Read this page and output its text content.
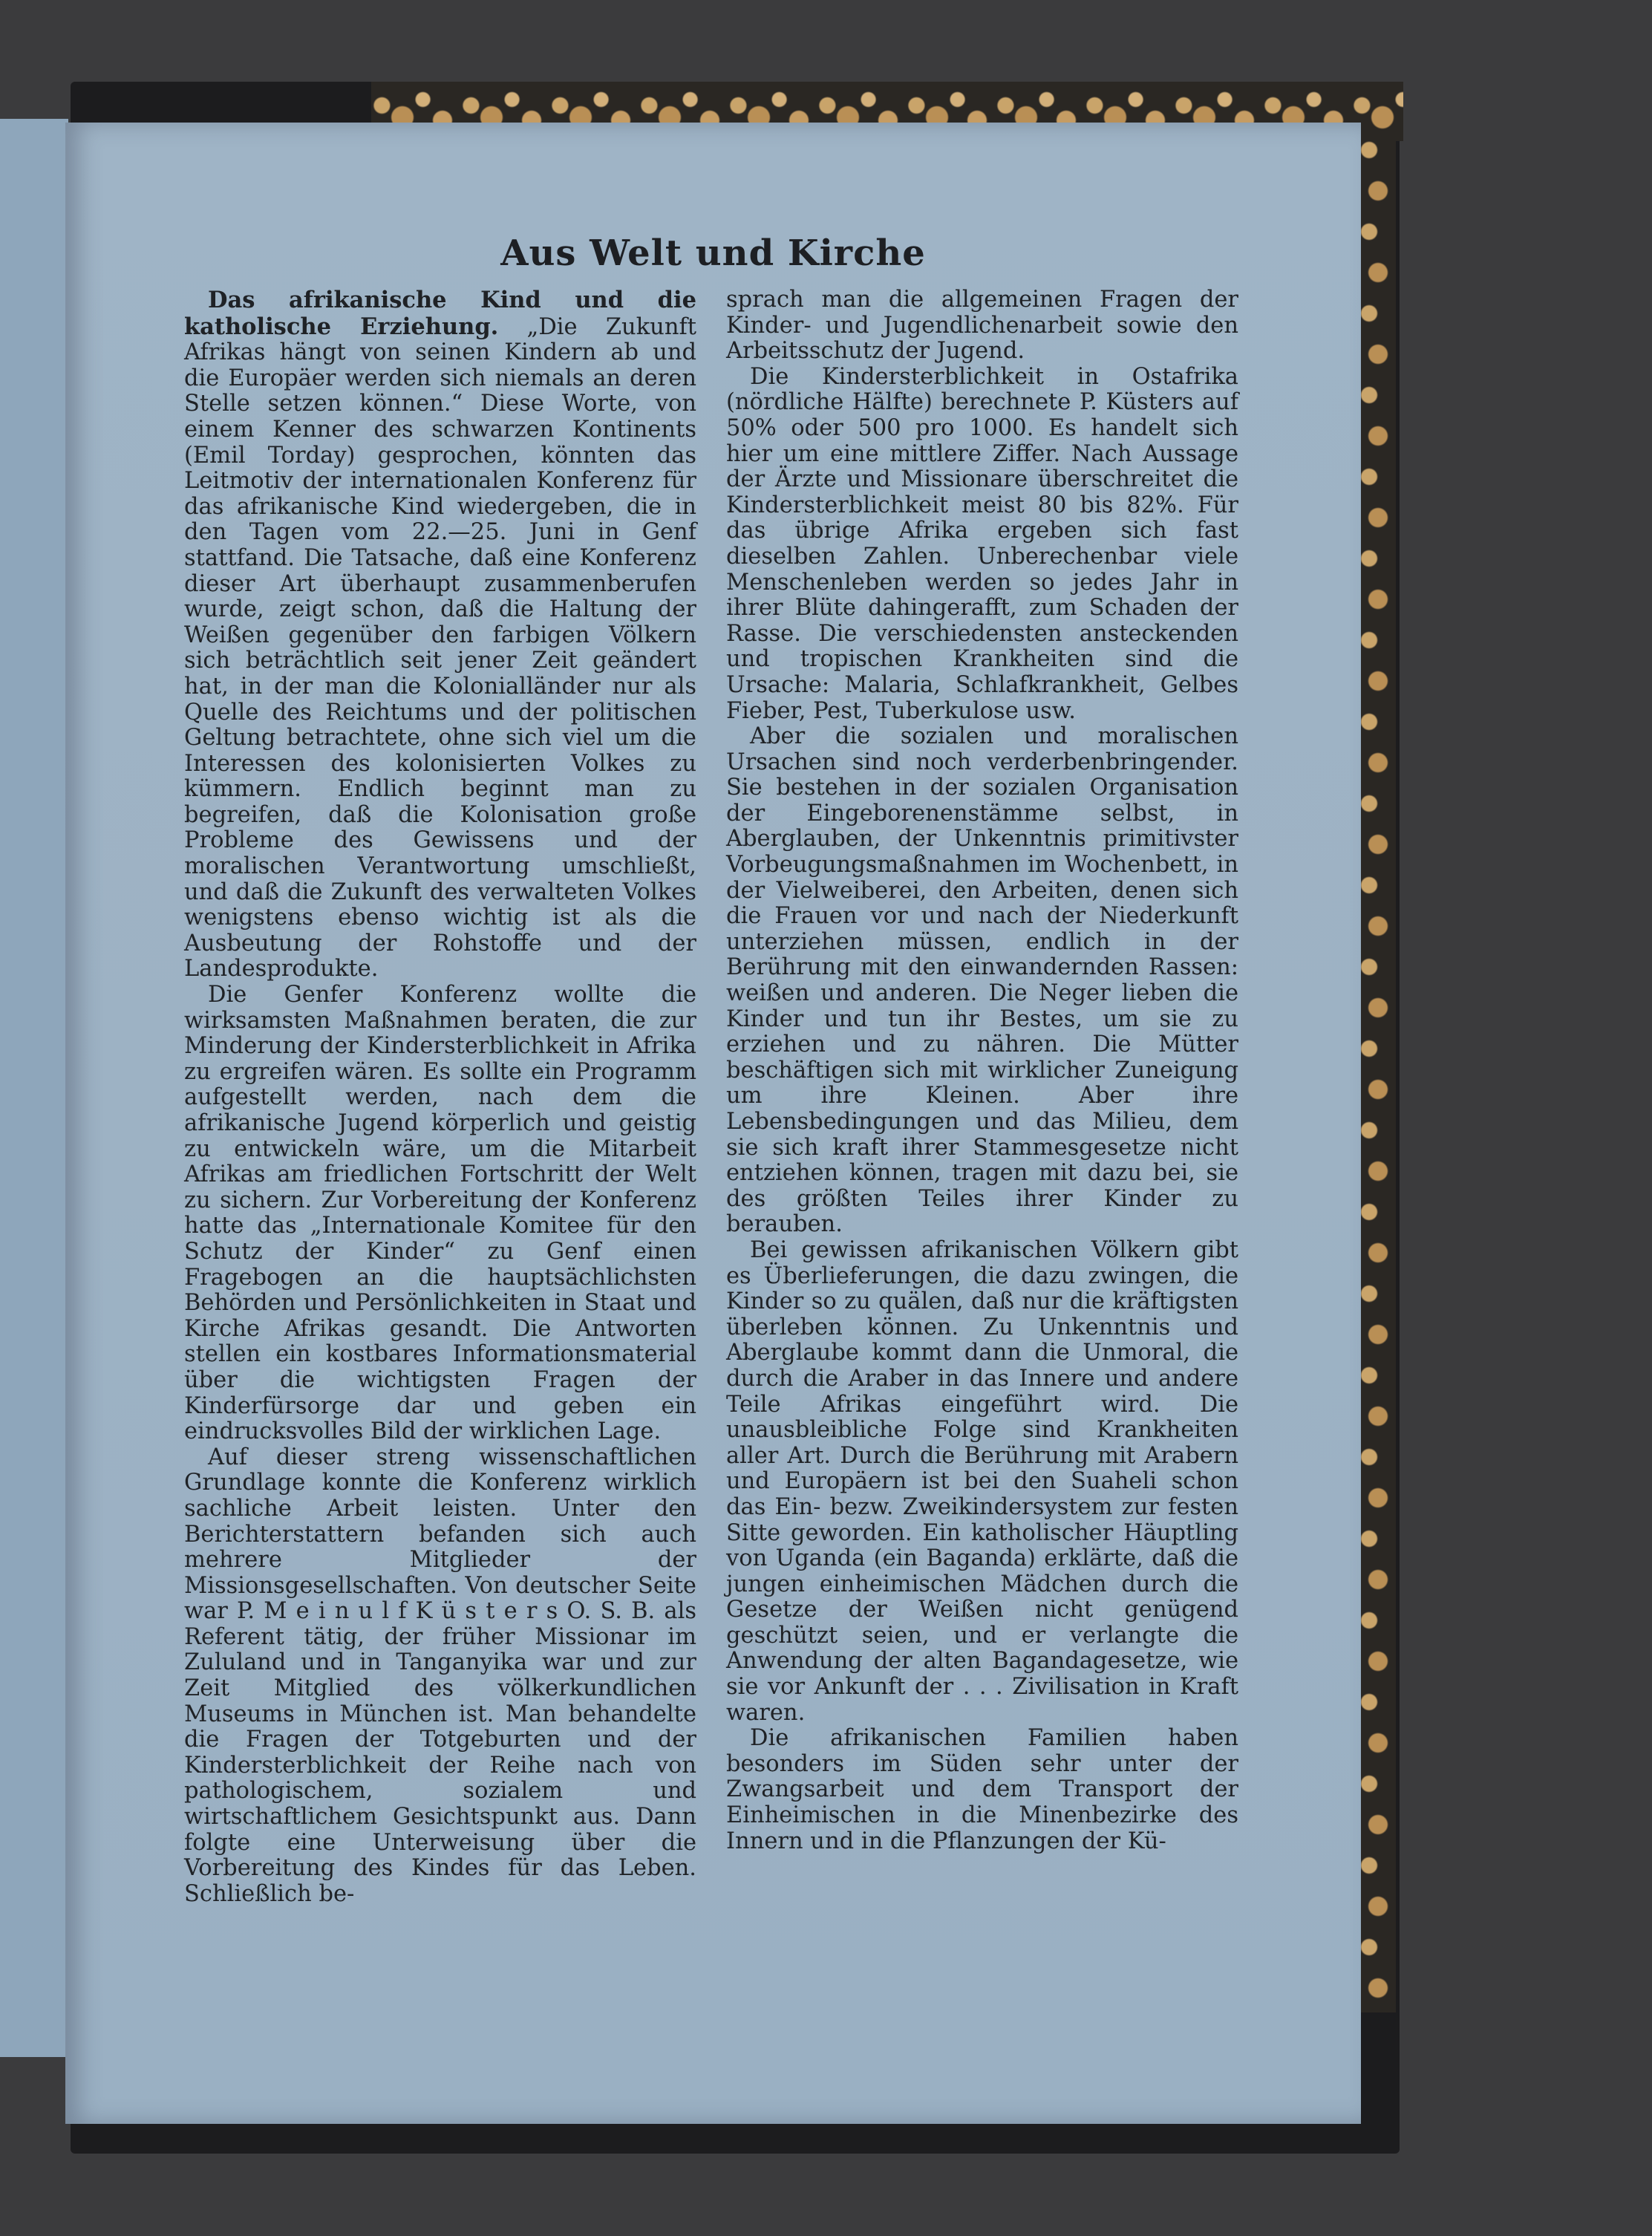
Aus Welt und Kirche

Das afrikanische Kind und die katholische Erziehung. „Die Zukunft Afrikas hängt von seinen Kindern ab und die Europäer werden sich niemals an deren Stelle setzen können.“ Diese Worte, von einem Kenner des schwarzen Kontinents (Emil Torday) gesprochen, könnten das Leitmotiv der internationalen Konferenz für das afrikanische Kind wiedergeben, die in den Tagen vom 22.—25. Juni in Genf stattfand. Die Tatsache, daß eine Konferenz dieser Art überhaupt zusammenberufen wurde, zeigt schon, daß die Haltung der Weißen gegenüber den farbigen Völkern sich beträchtlich seit jener Zeit geändert hat, in der man die Kolonialländer nur als Quelle des Reichtums und der politischen Geltung betrachtete, ohne sich viel um die Interessen des kolonisierten Volkes zu kümmern. Endlich beginnt man zu begreifen, daß die Kolonisation große Probleme des Gewissens und der moralischen Verantwortung umschließt, und daß die Zukunft des verwalteten Volkes wenigstens ebenso wichtig ist als die Ausbeutung der Rohstoffe und der Landesprodukte.

Die Genfer Konferenz wollte die wirksamsten Maßnahmen beraten, die zur Minderung der Kindersterblichkeit in Afrika zu ergreifen wären. Es sollte ein Programm aufgestellt werden, nach dem die afrikanische Jugend körperlich und geistig zu entwickeln wäre, um die Mitarbeit Afrikas am friedlichen Fortschritt der Welt zu sichern. Zur Vorbereitung der Konferenz hatte das „Internationale Komitee für den Schutz der Kinder“ zu Genf einen Fragebogen an die hauptsächlichsten Behörden und Persönlichkeiten in Staat und Kirche Afrikas gesandt. Die Antworten stellen ein kostbares Informationsmaterial über die wichtigsten Fragen der Kinderfürsorge dar und geben ein eindrucksvolles Bild der wirklichen Lage.

Auf dieser streng wissenschaftlichen Grundlage konnte die Konferenz wirklich sachliche Arbeit leisten. Unter den Berichterstattern befanden sich auch mehrere Mitglieder der Missionsgesellschaften. Von deutscher Seite war P. M e i n u l f K ü s t e r s O. S. B. als Referent tätig, der früher Missionar im Zululand und in Tanganyika war und zur Zeit Mitglied des völkerkundlichen Museums in München ist. Man behandelte die Fragen der Totgeburten und der Kindersterblichkeit der Reihe nach von pathologischem, sozialem und wirtschaftlichem Gesichtspunkt aus. Dann folgte eine Unterweisung über die Vorbereitung des Kindes für das Leben. Schließlich be-

sprach man die allgemeinen Fragen der Kinder- und Jugendlichenarbeit sowie den Arbeitsschutz der Jugend.

Die Kindersterblichkeit in Ostafrika (nördliche Hälfte) berechnete P. Küsters auf 50% oder 500 pro 1000. Es handelt sich hier um eine mittlere Ziffer. Nach Aussage der Ärzte und Missionare überschreitet die Kindersterblichkeit meist 80 bis 82%. Für das übrige Afrika ergeben sich fast dieselben Zahlen. Unberechenbar viele Menschenleben werden so jedes Jahr in ihrer Blüte dahingerafft, zum Schaden der Rasse. Die verschiedensten ansteckenden und tropischen Krankheiten sind die Ursache: Malaria, Schlafkrankheit, Gelbes Fieber, Pest, Tuberkulose usw.

Aber die sozialen und moralischen Ursachen sind noch verderbenbringender. Sie bestehen in der sozialen Organisation der Eingeborenenstämme selbst, in Aberglauben, der Unkenntnis primitivster Vorbeugungsmaßnahmen im Wochenbett, in der Vielweiberei, den Arbeiten, denen sich die Frauen vor und nach der Niederkunft unterziehen müssen, endlich in der Berührung mit den einwandernden Rassen: weißen und anderen. Die Neger lieben die Kinder und tun ihr Bestes, um sie zu erziehen und zu nähren. Die Mütter beschäftigen sich mit wirklicher Zuneigung um ihre Kleinen. Aber ihre Lebensbedingungen und das Milieu, dem sie sich kraft ihrer Stammesgesetze nicht entziehen können, tragen mit dazu bei, sie des größten Teiles ihrer Kinder zu berauben.

Bei gewissen afrikanischen Völkern gibt es Überlieferungen, die dazu zwingen, die Kinder so zu quälen, daß nur die kräftigsten überleben können. Zu Unkenntnis und Aberglaube kommt dann die Unmoral, die durch die Araber in das Innere und andere Teile Afrikas eingeführt wird. Die unausbleibliche Folge sind Krankheiten aller Art. Durch die Berührung mit Arabern und Europäern ist bei den Suaheli schon das Ein- bezw. Zweikindersystem zur festen Sitte geworden. Ein katholischer Häuptling von Uganda (ein Baganda) erklärte, daß die jungen einheimischen Mädchen durch die Gesetze der Weißen nicht genügend geschützt seien, und er verlangte die Anwendung der alten Bagandagesetze, wie sie vor Ankunft der . . . Zivilisation in Kraft waren.

Die afrikanischen Familien haben besonders im Süden sehr unter der Zwangsarbeit und dem Transport der Einheimischen in die Minenbezirke des Innern und in die Pflanzungen der Kü-
